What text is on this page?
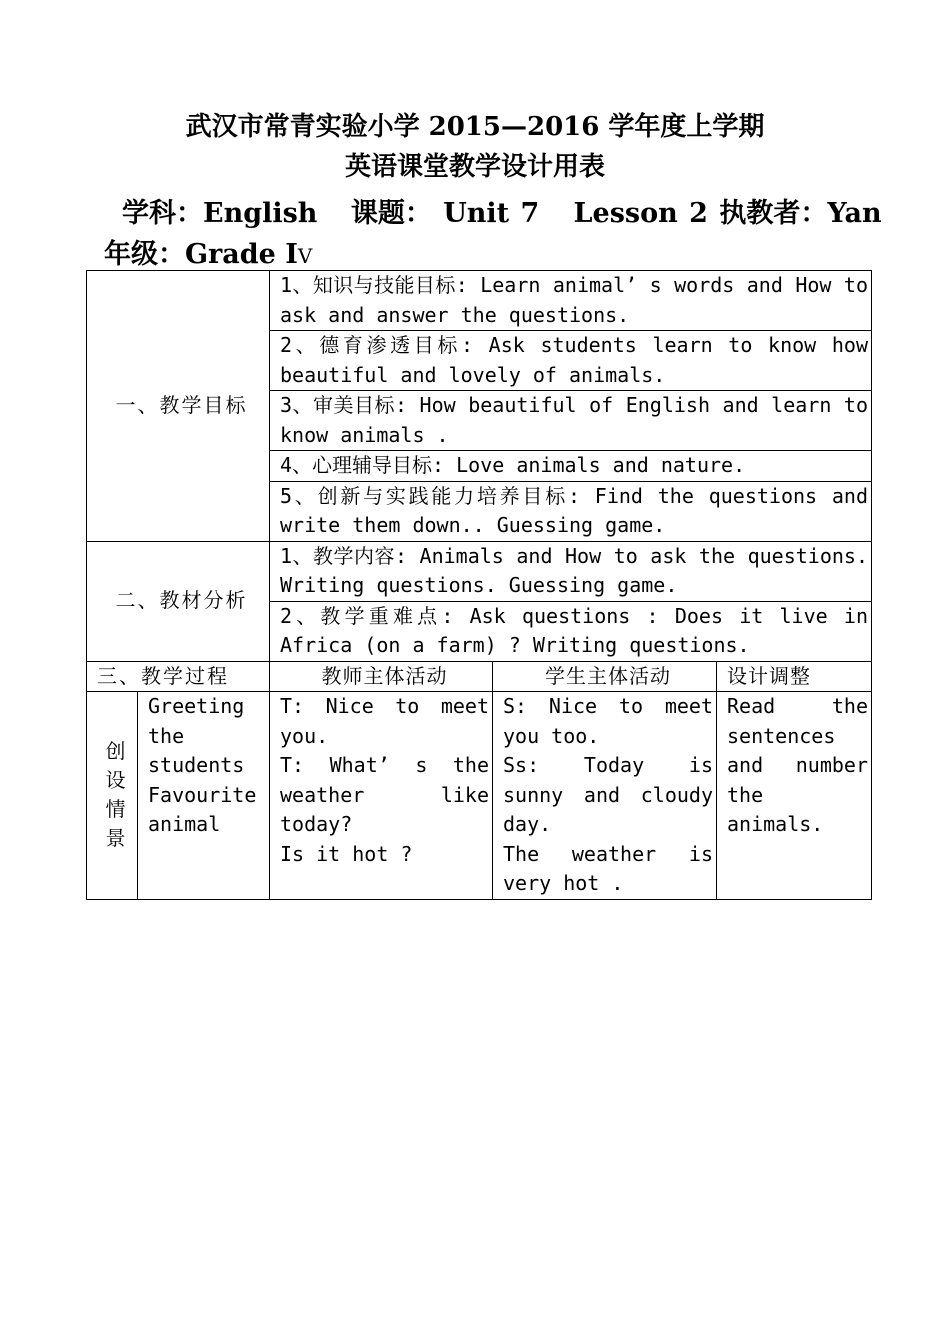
武汉市常青实验小学 2015—2016 学年度上学期
英语课堂教学设计用表
学科：English 课题： Unit 7   Lesson 2 执教者：Yan
年级：Grade IV
一、教学目标		1、知识与技能目标: Learn animal’ s words and How to ask and answer the questions.		
		2、德育渗透目标: Ask students learn to know how beautiful and lovely of animals.		
		3、审美目标: How beautiful of English and learn to know animals .		
		4、心理辅导目标: Love animals and nature.		
		5、创新与实践能力培养目标: Find the questions and write them down.. Guessing game.		
二、教材分析		1、教学内容: Animals and How to ask the questions. Writing questions. Guessing game.		
		2、教学重难点: Ask questions : Does it live in Africa (on a farm) ? Writing questions.		
三、教学过程		教师主体活动	学生主体活动	设计调整

创
设
情
景	Greeting
the
students
Favourite
animal	T: Nice to meet you.
T: What’ s the weather like today?
Is it hot ?	S: Nice to meet you too.
Ss: Today is sunny and cloudy day.
The weather is very hot .	Read the sentences and number the animals.
